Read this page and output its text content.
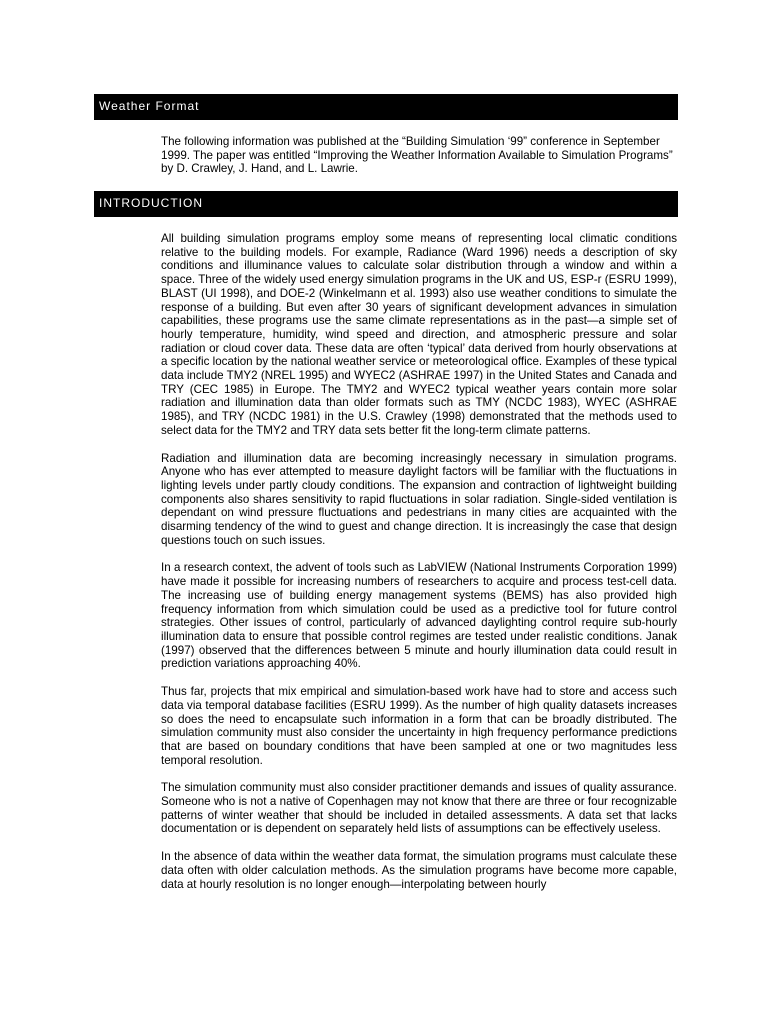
Weather Format

The following information was published at the “Building Simulation ‘99” conference in September 1999. The paper was entitled “Improving the Weather Information Available to Simulation Programs” by D. Crawley, J. Hand, and L. Lawrie.

INTRODUCTION

All building simulation programs employ some means of representing local climatic conditions relative to the building models. For example, Radiance (Ward 1996) needs a description of sky conditions and illuminance values to calculate solar distribution through a window and within a space. Three of the widely used energy simulation programs in the UK and US, ESP-r (ESRU 1999), BLAST (UI 1998), and DOE-2 (Winkelmann et al. 1993) also use weather conditions to simulate the response of a building. But even after 30 years of significant development advances in simulation capabilities, these programs use the same climate representations as in the past—a simple set of hourly temperature, humidity, wind speed and direction, and atmospheric pressure and solar radiation or cloud cover data. These data are often ‘typical’ data derived from hourly observations at a specific location by the national weather service or meteorological office. Examples of these typical data include TMY2 (NREL 1995) and WYEC2 (ASHRAE 1997) in the United States and Canada and TRY (CEC 1985) in Europe. The TMY2 and WYEC2 typical weather years contain more solar radiation and illumination data than older formats such as TMY (NCDC 1983), WYEC (ASHRAE 1985), and TRY (NCDC 1981) in the U.S. Crawley (1998) demonstrated that the methods used to select data for the TMY2 and TRY data sets better fit the long-term climate patterns.

Radiation and illumination data are becoming increasingly necessary in simulation programs. Anyone who has ever attempted to measure daylight factors will be familiar with the fluctuations in lighting levels under partly cloudy conditions. The expansion and contraction of lightweight building components also shares sensitivity to rapid fluctuations in solar radiation. Single-sided ventilation is dependant on wind pressure fluctuations and pedestrians in many cities are acquainted with the disarming tendency of the wind to guest and change direction. It is increasingly the case that design questions touch on such issues.

In a research context, the advent of tools such as LabVIEW (National Instruments Corporation 1999) have made it possible for increasing numbers of researchers to acquire and process test-cell data. The increasing use of building energy management systems (BEMS) has also provided high frequency information from which simulation could be used as a predictive tool for future control strategies. Other issues of control, particularly of advanced daylighting control require sub-hourly illumination data to ensure that possible control regimes are tested under realistic conditions. Janak (1997) observed that the differences between 5 minute and hourly illumination data could result in prediction variations approaching 40%.

Thus far, projects that mix empirical and simulation-based work have had to store and access such data via temporal database facilities (ESRU 1999). As the number of high quality datasets increases so does the need to encapsulate such information in a form that can be broadly distributed. The simulation community must also consider the uncertainty in high frequency performance predictions that are based on boundary conditions that have been sampled at one or two magnitudes less temporal resolution.

The simulation community must also consider practitioner demands and issues of quality assurance. Someone who is not a native of Copenhagen may not know that there are three or four recognizable patterns of winter weather that should be included in detailed assessments. A data set that lacks documentation or is dependent on separately held lists of assumptions can be effectively useless.

In the absence of data within the weather data format, the simulation programs must calculate these data often with older calculation methods. As the simulation programs have become more capable, data at hourly resolution is no longer enough—interpolating between hourly
